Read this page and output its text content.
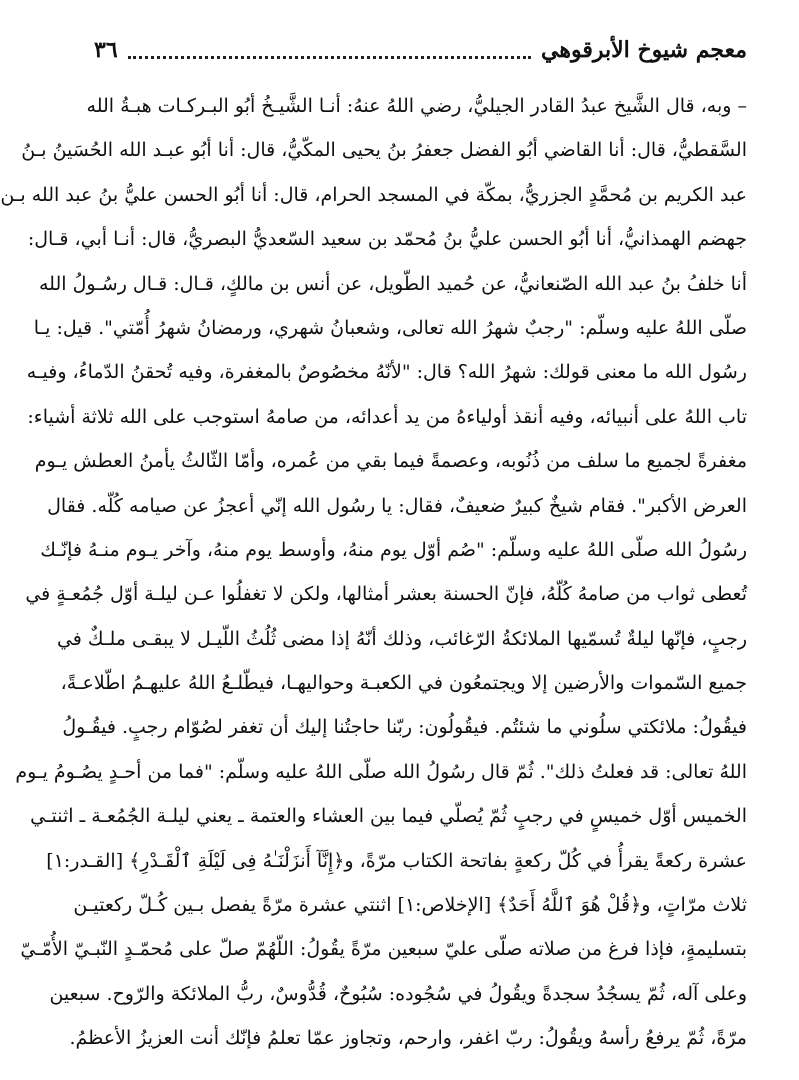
٣٦	معجم شيوخ الأبرقوهي
– وبه، قال الشَّيخ عبدُ القادر الجيليُّ، رضي اللهُ عنهُ: أنـا الشَّيـخُ أبُو البـركـات هبـةُ الله
السَّقطيُّ، قال: أنا القاضي أبُو الفضل جعفرُ بنُ يحيى المكّيُّ، قال: أنا أبُو عبـد الله الحُسَينُ بـنُ
عبد الكريم بن مُحمَّدٍ الجزريُّ، بمكّة في المسجد الحرام، قال: أنا أبُو الحسن عليُّ بنُ عبد الله بـن
جهضم الهمذانيُّ، أنا أبُو الحسن عليُّ بنُ مُحمّد بن سعيد السّعديُّ البصريُّ، قال: أنـا أبي، قـال:
أنا خلفُ بنُ عبد الله الصّنعانيُّ، عن حُميد الطّويل، عن أنس بن مالكٍ، قـال: قـال رسُـولُ الله
صلّى اللهُ عليه وسلّم: "رجبٌ شهرُ الله تعالى، وشعبانُ شهري، ورمضانُ شهرُ أُمّتي". قيل: يـا
رسُول الله ما معنى قولك: شهرُ الله؟ قال: "لأنّهُ مخصُوصٌ بالمغفرة، وفيه تُحقنُ الدّماءُ، وفيـه
تاب اللهُ على أنبيائه، وفيه أنقذ أولياءهُ من يد أعدائه، من صامهُ استوجب على الله ثلاثة أشياء:
مغفرةً لجميع ما سلف من ذُنُوبه، وعصمةً فيما بقي من عُمره، وأمّا الثّالثُ يأمنُ العطش يـوم
العرض الأكبر". فقام شيخٌ كبيرٌ ضعيفٌ، فقال: يا رسُول الله إنّي أعجزُ عن صيامه كُلّه. فقال
رسُولُ الله صلّى اللهُ عليه وسلّم: "صُم أوّل يوم منهُ، وأوسط يوم منهُ، وآخر يـوم منـهُ فإنّـك
تُعطى ثواب من صامهُ كُلّهُ، فإنّ الحسنة بعشر أمثالها، ولكن لا تغفلُوا عـن ليلـة أوّل جُمُعـةٍ في
رجبٍ، فإنّها ليلةٌ تُسمّيها الملائكةُ الرّغائب، وذلك أنّهُ إذا مضى ثُلُثُ اللّيـل لا يبقـى ملـكٌ في
جميع السّموات والأرضين إلا ويجتمعُون في الكعبـة وحواليهـا، فيطّلـعُ اللهُ عليهـمُ اطّلاعـةً،
فيقُولُ: ملائكتي سلُوني ما شئتُم. فيقُولُون: ربّنا حاجتُنا إليك أن تغفر لصُوّام رجبٍ. فيقُـولُ
اللهُ تعالى: قد فعلتُ ذلك". ثُمّ قال رسُولُ الله صلّى اللهُ عليه وسلّم: "فما من أحـدٍ يصُـومُ يـوم
الخميس أوّل خميسٍ في رجبٍ ثُمّ يُصلّي فيما بين العشاء والعتمة ـ يعني ليلـة الجُمُعـة ـ اثنتـي
عشرة ركعةً يقرأُ في كُلّ ركعةٍ بفاتحة الكتاب مرّةً، و﴿إِنَّآ أَنزَلْنَـٰهُ فِى لَيْلَةِ ٱلْقَـدْرِ﴾ [القـدر:١]
ثلاث مرّاتٍ، و﴿قُلْ هُوَ ٱللَّهُ أَحَدٌ﴾ [الإخلاص:١] اثنتي عشرة مرّةً يفصل بـين كُـلّ ركعتيـن
بتسليمةٍ، فإذا فرغ من صلاته صلّى عليّ سبعين مرّةً يقُولُ: اللّهُمّ صلّ على مُحمّـدٍ النّبـيّ الأُمّـيّ
وعلى آله، ثُمّ يسجُدُ سجدةً ويقُولُ في سُجُوده: سُبُوحٌ، قُدُّوسٌ، ربُّ الملائكة والرّوح. سبعين
مرّةً، ثُمّ يرفعُ رأسهُ ويقُولُ: ربّ اغفر، وارحم، وتجاوز عمّا تعلمُ فإنّك أنت العزيزُ الأعظمُ.
